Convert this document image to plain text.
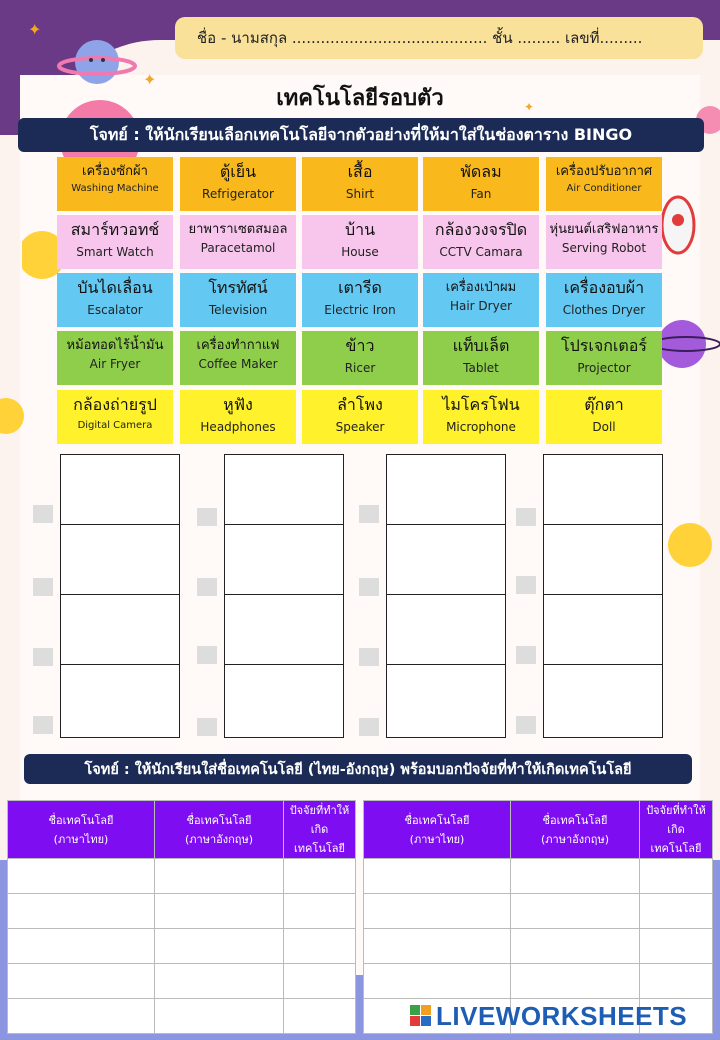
✦
✦
✦
ชื่อ - นามสกุล ......................................... ชั้น ......... เลขที่.........
เทคโนโลยีรอบตัว
โจทย์ : ให้นักเรียนเลือกเทคโนโลยีจากตัวอย่างที่ให้มาใส่ในช่องตาราง BINGO
เครื่องซักผ้า
Washing Machine
ตู้เย็น
Refrigerator
เสื้อ
Shirt
พัดลม
Fan
เครื่องปรับอากาศ
Air Conditioner
สมาร์ทวอทช์
Smart Watch
ยาพาราเซตสมอล
Paracetamol
บ้าน
House
กล้องวงจรปิด
CCTV Camara
หุ่นยนต์เสริฟอาหาร
Serving Robot
บันไดเลื่อน
Escalator
โทรทัศน์
Television
เตารีด
Electric Iron
เครื่องเป่าผม
Hair Dryer
เครื่องอบผ้า
Clothes Dryer
หม้อทอดไร้น้ำมัน
Air Fryer
เครื่องทำกาแฟ
Coffee Maker
ข้าว
Ricer
แท็บเล็ต
Tablet
โปรเจกเตอร์
Projector
กล้องถ่ายรูป
Digital Camera
หูฟัง
Headphones
ลำโพง
Speaker
ไมโครโฟน
Microphone
ตุ๊กตา
Doll
โจทย์ : ให้นักเรียนใส่ชื่อเทคโนโลยี (ไทย-อังกฤษ) พร้อมบอกปัจจัยที่ทำให้เกิดเทคโนโลยี
ชื่อเทคโนโลยี
(ภาษาไทย)	ชื่อเทคโนโลยี
(ภาษาอังกฤษ)	ปัจจัยที่ทำให้
เกิดเทคโนโลยี

ชื่อเทคโนโลยี
(ภาษาไทย)	ชื่อเทคโนโลยี
(ภาษาอังกฤษ)	ปัจจัยที่ทำให้
เกิดเทคโนโลยี

LIVEWORKSHEETS
